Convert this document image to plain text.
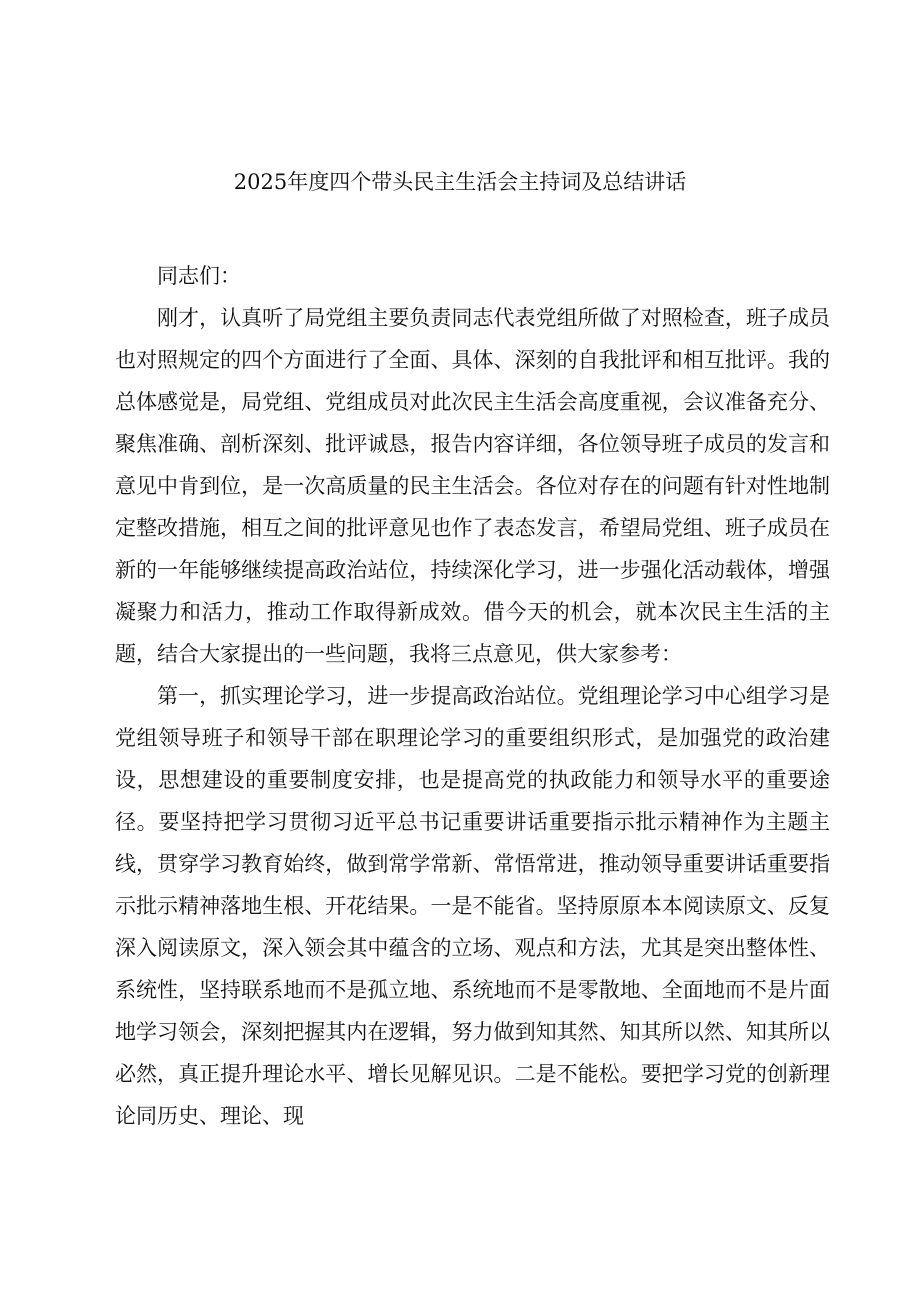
2025年度四个带头民主生活会主持词及总结讲话

同志们：

刚才，认真听了局党组主要负责同志代表党组所做了对照检查，班子成员也对照规定的四个方面进行了全面、具体、深刻的自我批评和相互批评。我的总体感觉是，局党组、党组成员对此次民主生活会高度重视，会议准备充分、聚焦准确、剖析深刻、批评诚恳，报告内容详细，各位领导班子成员的发言和意见中肯到位，是一次高质量的民主生活会。各位对存在的问题有针对性地制定整改措施，相互之间的批评意见也作了表态发言，希望局党组、班子成员在新的一年能够继续提高政治站位，持续深化学习，进一步强化活动载体，增强凝聚力和活力，推动工作取得新成效。借今天的机会，就本次民主生活的主题，结合大家提出的一些问题，我将三点意见，供大家参考：

第一，抓实理论学习，进一步提高政治站位。党组理论学习中心组学习是党组领导班子和领导干部在职理论学习的重要组织形式，是加强党的政治建设，思想建设的重要制度安排，也是提高党的执政能力和领导水平的重要途径。要坚持把学习贯彻习近平总书记重要讲话重要指示批示精神作为主题主线，贯穿学习教育始终，做到常学常新、常悟常进，推动领导重要讲话重要指示批示精神落地生根、开花结果。一是不能省。坚持原原本本阅读原文、反复深入阅读原文，深入领会其中蕴含的立场、观点和方法，尤其是突出整体性、系统性，坚持联系地而不是孤立地、系统地而不是零散地、全面地而不是片面地学习领会，深刻把握其内在逻辑，努力做到知其然、知其所以然、知其所以必然，真正提升理论水平、增长见解见识。二是不能松。要把学习党的创新理论同历史、理论、现
